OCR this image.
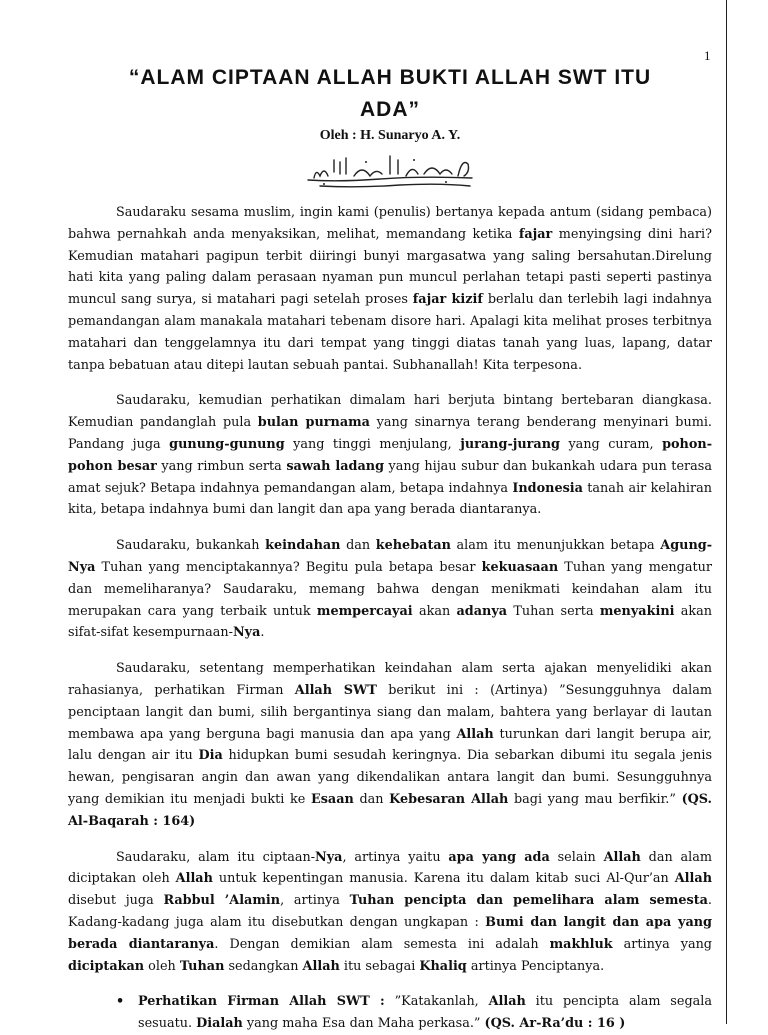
1
“ALAM CIPTAAN ALLAH BUKTI ALLAH SWT ITU
ADA”
Oleh : H. Sunaryo A. Y.

Saudaraku sesama muslim, ingin kami (penulis) bertanya kepada antum (sidang pembaca) bahwa pernahkah anda menyaksikan, melihat, memandang ketika fajar menyingsing dini hari? Kemudian matahari pagipun terbit diiringi bunyi margasatwa yang saling bersahutan.Direlung hati kita yang paling dalam perasaan nyaman pun muncul perlahan tetapi pasti seperti pastinya muncul sang surya, si matahari pagi setelah proses fajar kizif berlalu dan terlebih lagi indahnya pemandangan alam manakala matahari tebenam disore hari. Apalagi kita melihat proses terbitnya matahari dan tenggelamnya itu dari tempat yang tinggi diatas tanah yang luas, lapang, datar tanpa bebatuan atau ditepi lautan sebuah pantai. Subhanallah! Kita terpesona.

Saudaraku, kemudian perhatikan dimalam hari berjuta bintang bertebaran diangkasa. Kemudian pandanglah pula bulan purnama yang sinarnya terang benderang menyinari bumi. Pandang juga gunung-gunung yang tinggi menjulang, jurang-jurang yang curam, pohon-pohon besar yang rimbun serta sawah ladang yang hijau subur dan bukankah udara pun terasa amat sejuk? Betapa indahnya pemandangan alam, betapa indahnya Indonesia tanah air kelahiran kita, betapa indahnya bumi dan langit dan apa yang berada diantaranya.

Saudaraku, bukankah keindahan dan kehebatan alam itu menunjukkan betapa Agung-Nya Tuhan yang menciptakannya? Begitu pula betapa besar kekuasaan Tuhan yang mengatur dan memeliharanya? Saudaraku, memang bahwa dengan menikmati keindahan alam itu merupakan cara yang terbaik untuk mempercayai akan adanya Tuhan serta menyakini akan sifat-sifat kesempurnaan-Nya.

Saudaraku, setentang memperhatikan keindahan alam serta ajakan menyelidiki akan rahasianya, perhatikan Firman Allah SWT berikut ini : (Artinya) ”Sesungguhnya dalam penciptaan langit dan bumi, silih bergantinya siang dan malam, bahtera yang berlayar di lautan membawa apa yang berguna bagi manusia dan apa yang Allah turunkan dari langit berupa air, lalu dengan air itu Dia hidupkan bumi sesudah keringnya. Dia sebarkan dibumi itu segala jenis hewan, pengisaran angin dan awan yang dikendalikan antara langit dan bumi. Sesungguhnya yang demikian itu menjadi bukti ke Esaan dan Kebesaran Allah bagi yang mau berfikir.” (QS. Al-Baqarah : 164)

Saudaraku, alam itu ciptaan-Nya, artinya yaitu apa yang ada selain Allah dan alam diciptakan oleh Allah untuk kepentingan manusia. Karena itu dalam kitab suci Al-Qur’an Allah disebut juga Rabbul ’Alamin, artinya Tuhan pencipta dan pemelihara alam semesta. Kadang-kadang juga alam itu disebutkan dengan ungkapan : Bumi dan langit dan apa yang berada diantaranya. Dengan demikian alam semesta ini adalah makhluk artinya yang diciptakan oleh Tuhan sedangkan Allah itu sebagai Khaliq artinya Penciptanya.

• Perhatikan Firman Allah SWT : ”Katakanlah, Allah itu pencipta alam segala sesuatu. Dialah yang maha Esa dan Maha perkasa.” (QS. Ar-Ra’du : 16 )
